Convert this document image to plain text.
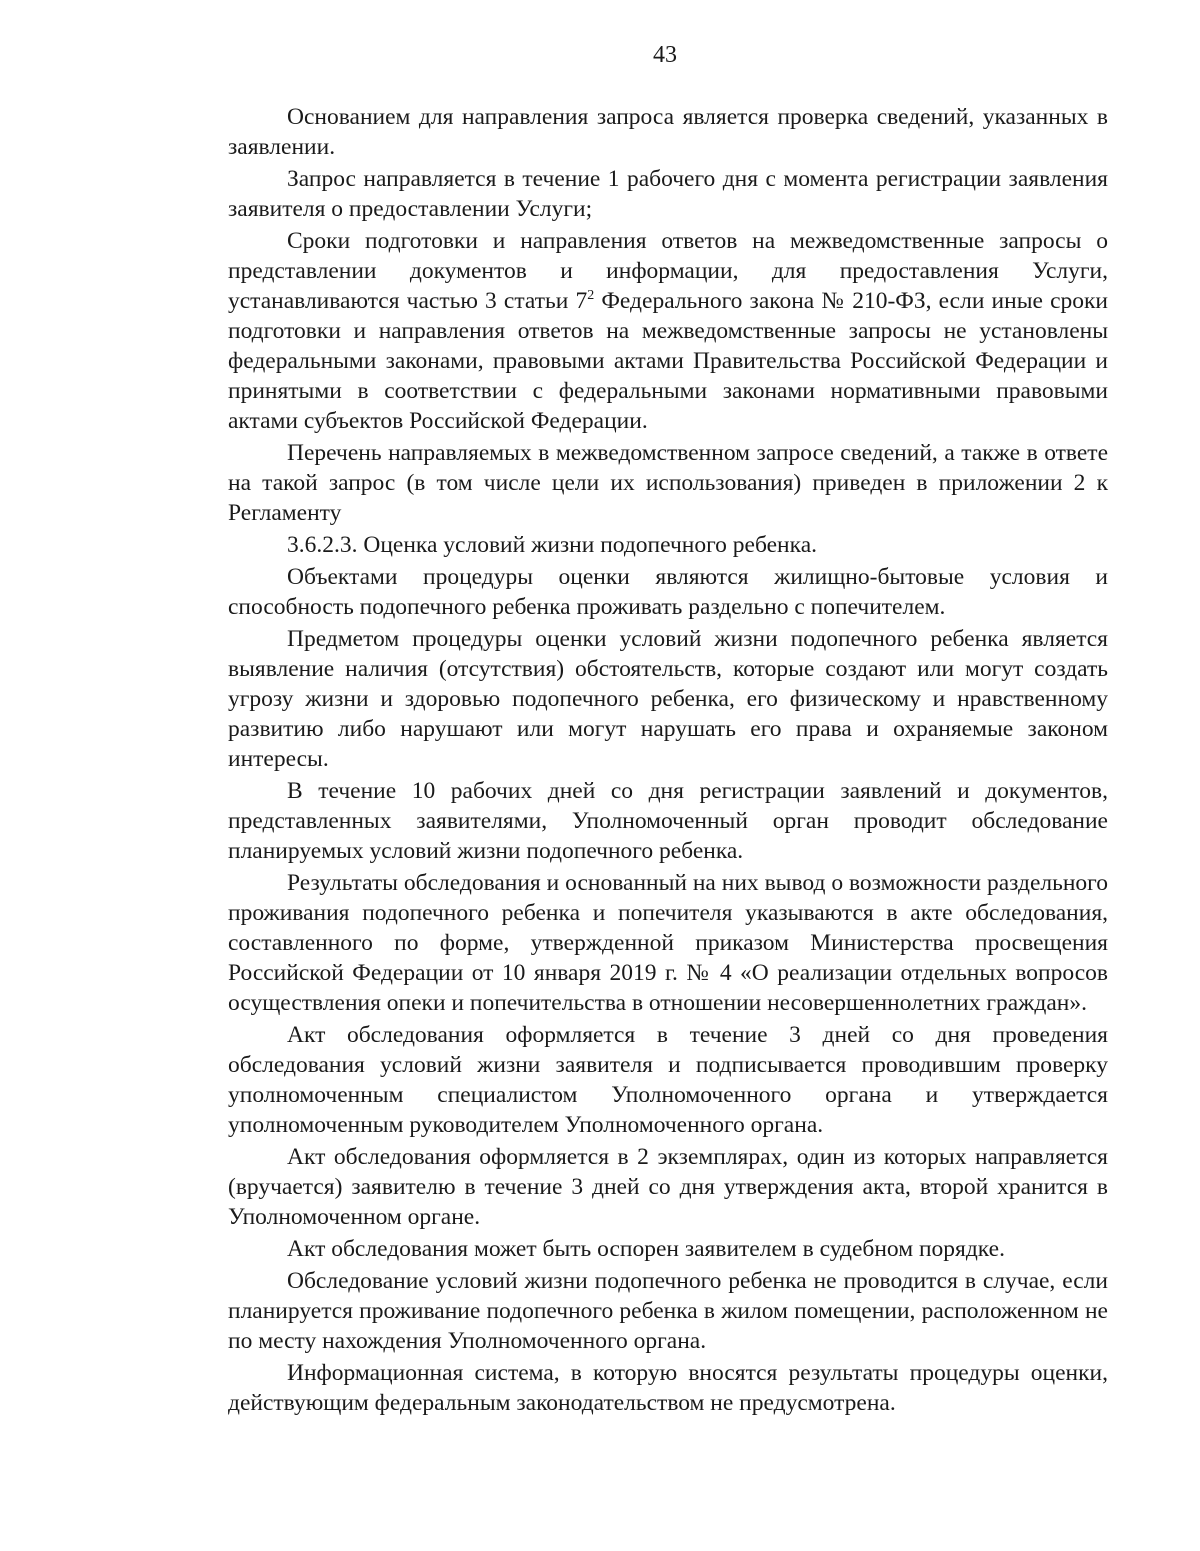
43

Основанием для направления запроса является проверка сведений, указанных в заявлении.

Запрос направляется в течение 1 рабочего дня с момента регистрации заявления заявителя о предоставлении Услуги;

Сроки подготовки и направления ответов на межведомственные запросы о представлении документов и информации, для предоставления Услуги, устанавливаются частью 3 статьи $7^2$ Федерального закона № 210-ФЗ, если иные сроки подготовки и направления ответов на межведомственные запросы не установлены федеральными законами, правовыми актами Правительства Российской Федерации и принятыми в соответствии с федеральными законами нормативными правовыми актами субъектов Российской Федерации.

Перечень направляемых в межведомственном запросе сведений, а также в ответе на такой запрос (в том числе цели их использования) приведен в приложении 2 к Регламенту

3.6.2.3. Оценка условий жизни подопечного ребенка.

Объектами процедуры оценки являются жилищно-бытовые условия и способность подопечного ребенка проживать раздельно с попечителем.

Предметом процедуры оценки условий жизни подопечного ребенка является выявление наличия (отсутствия) обстоятельств, которые создают или могут создать угрозу жизни и здоровью подопечного ребенка, его физическому и нравственному развитию либо нарушают или могут нарушать его права и охраняемые законом интересы.

В течение 10 рабочих дней со дня регистрации заявлений и документов, представленных заявителями, Уполномоченный орган проводит обследование планируемых условий жизни подопечного ребенка.

Результаты обследования и основанный на них вывод о возможности раздельного проживания подопечного ребенка и попечителя указываются в акте обследования, составленного по форме, утвержденной приказом Министерства просвещения Российской Федерации от 10 января 2019 г. № 4 «О реализации отдельных вопросов осуществления опеки и попечительства в отношении несовершеннолетних граждан».

Акт обследования оформляется в течение 3 дней со дня проведения обследования условий жизни заявителя и подписывается проводившим проверку уполномоченным специалистом Уполномоченного органа и утверждается уполномоченным руководителем Уполномоченного органа.

Акт обследования оформляется в 2 экземплярах, один из которых направляется (вручается) заявителю в течение 3 дней со дня утверждения акта, второй хранится в Уполномоченном органе.

Акт обследования может быть оспорен заявителем в судебном порядке.

Обследование условий жизни подопечного ребенка не проводится в случае, если планируется проживание подопечного ребенка в жилом помещении, расположенном не по месту нахождения Уполномоченного органа.

Информационная система, в которую вносятся результаты процедуры оценки, действующим федеральным законодательством не предусмотрена.
